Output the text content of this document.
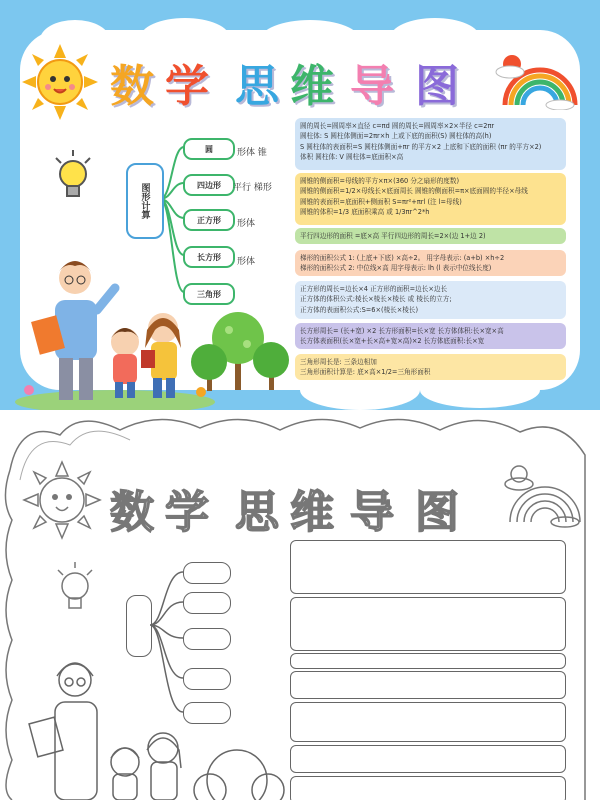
数 学 思 维 导 图
图形计算
圆
四边形
正方形
长方形
三角形
形体 锥
平行 梯形
形体
形体
圆的周长=圆周率×直径 c=πd 圆的周长=圆周率×2×半径 c=2πr
圆柱体: S 圆柱体侧面=2πr×h 上或下底的面积(S) 圆柱体的高(h)
S 圆柱体的表面积=S 圆柱体侧面+πr 的平方×2 上底和下底的面积 (πr 的平方×2)
体积 圆柱体: V 圆柱体=底面积×高
圆锥的侧面积=母线的平方×π×(360 分之扇形的度数)
圆锥的侧面积=1/2×母线长×底面周长 圆锥的侧面积=π×底面圆的半径×母线
圆锥的表面积=底面积+侧面积 S=πr²+πrl (注 l=母线)
圆锥的体积=1/3 底面积乘高 或 1/3πr^2*h
平行四边形的面积 =底×高 平行四边形的周长=2×(边 1+边 2)
梯形的面积公式 1: (上底+下底) ×高÷2。 用字母表示: (a+b) ×h÷2
梯形的面积公式 2: 中位线×高 用字母表示: lh (l 表示中位线长度)
正方形的周长=边长×4 正方形的面积=边长×边长
正方体的体积公式:棱长×棱长×棱长 或 棱长的立方;
正方体的表面积公式:S=6×(棱长×棱长)
长方形周长= (长+宽) ×2 长方形面积=长×宽 长方体体积:长×宽×高
长方体表面积(长×宽+长×高+宽×高)×2 长方体底面积:长×宽
三角形周长是: 三条边相加
三角形面积计算是: 底×高×1/2=三角形面积
数 学 思 维 导 图
